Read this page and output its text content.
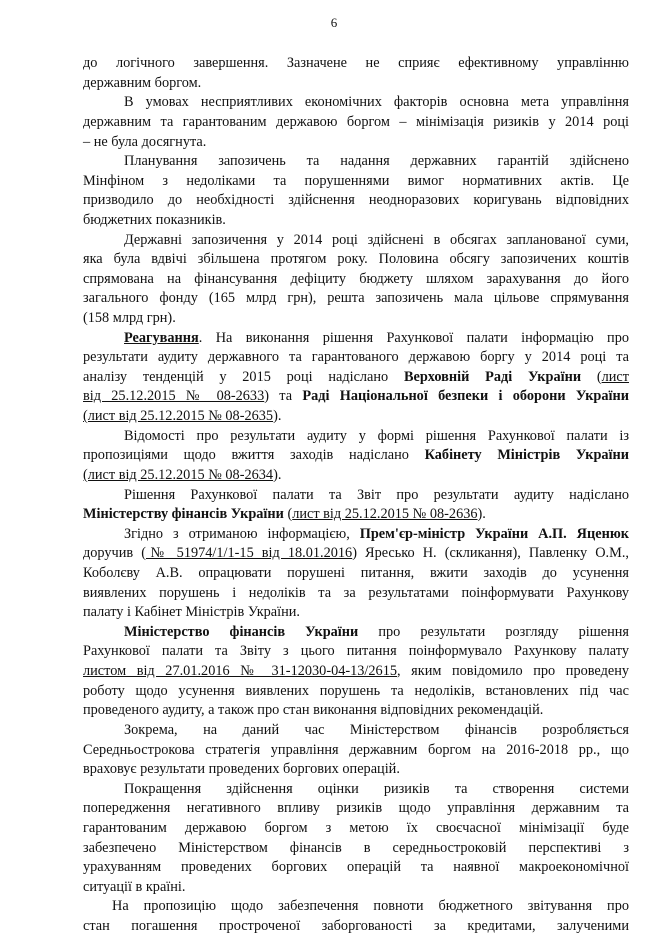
6
до логічного завершення. Зазначене не сприяє ефективному управлінню
державним боргом.
В умовах несприятливих економічних факторів основна мета управління
державним та гарантованим державою боргом – мінімізація ризиків у 2014 році
– не була досягнута.
Планування запозичень та надання державних гарантій здійснено
Мінфіном з недоліками та порушеннями вимог нормативних актів. Це
призводило до необхідності здійснення неодноразових коригувань відповідних
бюджетних показників.
Державні запозичення у 2014 році здійснені в обсягах запланованої суми,
яка була вдвічі збільшена протягом року. Половина обсягу запозичених коштів
спрямована на фінансування дефіциту бюджету шляхом зарахування до його
загального фонду (165 млрд грн), решта запозичень мала цільове спрямування
(158 млрд грн).
Реагування. На виконання рішення Рахункової палати інформацію про
результати аудиту державного та гарантованого державою боргу у 2014 році та
аналізу тенденцій у 2015 році надіслано Верховній Раді України (лист
від 25.12.2015 № 08-2633) та Раді Національної безпеки і оборони України
(лист від 25.12.2015 № 08-2635).
Відомості про результати аудиту у формі рішення Рахункової палати із
пропозиціями щодо вжиття заходів надіслано Кабінету Міністрів України
(лист від 25.12.2015 № 08-2634).
Рішення Рахункової палати та Звіт про результати аудиту надіслано
Міністерству фінансів України (лист від 25.12.2015 № 08-2636).
Згідно з отриманою інформацією, Прем'єр-міністр України А.П. Яценюк
доручив (№ 51974/1/1-15 від 18.01.2016) Яресько Н. (скликання), Павленку О.М.,
Коболєву А.В. опрацювати порушені питання, вжити заходів до усунення
виявлених порушень і недоліків та за результатами поінформувати Рахункову
палату і Кабінет Міністрів України.
Міністерство фінансів України про результати розгляду рішення
Рахункової палати та Звіту з цього питання поінформувало Рахункову палату
листом від 27.01.2016 № 31-12030-04-13/2615, яким повідомило про проведену
роботу щодо усунення виявлених порушень та недоліків, встановлених під час
проведеного аудиту, а також про стан виконання відповідних рекомендацій.
Зокрема, на даний час Міністерством фінансів розробляється
Середньострокова стратегія управління державним боргом на 2016-2018 рр., що
враховує результати проведених боргових операцій.
Покращення здійснення оцінки ризиків та створення системи
попередження негативного впливу ризиків щодо управління державним та
гарантованим державою боргом з метою їх своєчасної мінімізації буде
забезпечено Міністерством фінансів в середньостроковій перспективі з
урахуванням проведених боргових операцій та наявної макроекономічної
ситуації в країні.
На пропозицію щодо забезпечення повноти бюджетного звітування про
стан погашення простроченої заборгованості за кредитами, залученими
